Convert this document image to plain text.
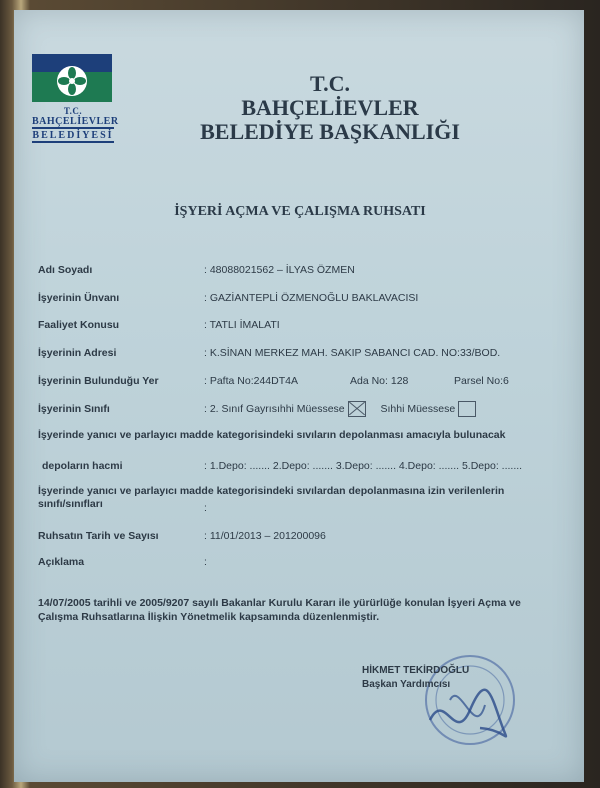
T.C.
BAHÇELİEVLER
BELEDİYESİ
T.C.
BAHÇELİEVLER
BELEDİYE BAŞKANLIĞI
İŞYERİ AÇMA VE ÇALIŞMA RUHSATI
Adı Soyadı	: 48088021562 – İLYAS ÖZMEN
İşyerinin Ünvanı	: GAZİANTEPLİ ÖZMENOĞLU BAKLAVACISI
Faaliyet Konusu	: TATLI İMALATI
İşyerinin Adresi	: K.SİNAN MERKEZ MAH. SAKIP SABANCI CAD. NO:33/BOD.
İşyerinin Bulunduğu Yer	: Pafta No:244DT4A	Ada No: 128	Parsel No:6
İşyerinin Sınıfı	: 2. Sınıf Gayrısıhhi Müessese	Sıhhi Müessese
İşyerinde yanıcı ve parlayıcı madde kategorisindeki sıvıların depolanması amacıyla bulunacak
depoların hacmi	: 1.Depo: ....... 2.Depo: ....... 3.Depo: ....... 4.Depo: ....... 5.Depo: .......
İşyerinde yanıcı ve parlayıcı madde kategorisindeki sıvılardan depolanmasına izin verilenlerin
sınıfı/sınıfları	:
Ruhsatın Tarih ve Sayısı	: 11/01/2013 – 201200096
Açıklama	:
14/07/2005 tarihli ve 2005/9207 sayılı Bakanlar Kurulu Kararı ile yürürlüğe konulan İşyeri Açma ve Çalışma Ruhsatlarına İlişkin Yönetmelik kapsamında düzenlenmiştir.
HİKMET TEKİRDOĞLU
Başkan Yardımcısı
